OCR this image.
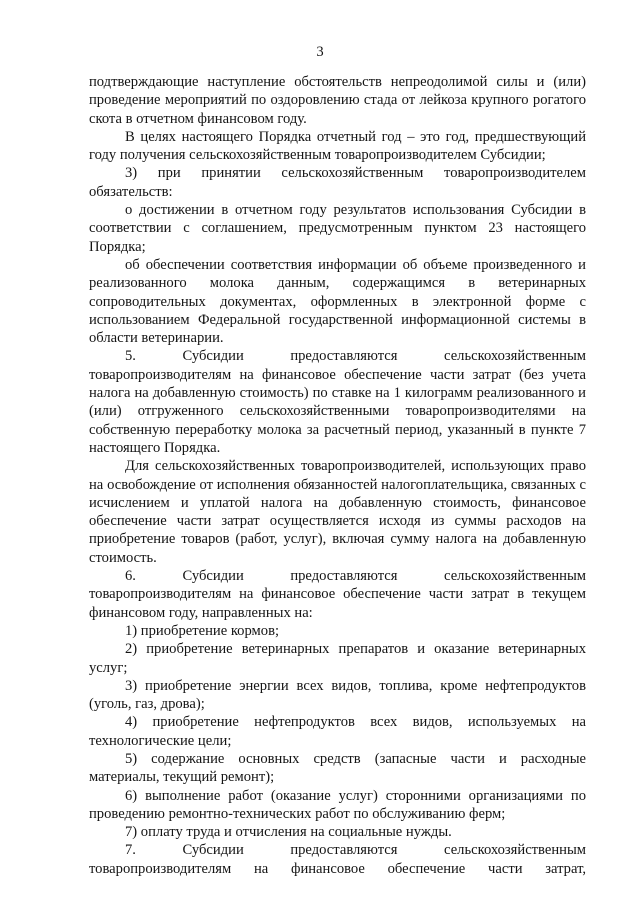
3

подтверждающие наступление обстоятельств непреодолимой силы и (или) проведение мероприятий по оздоровлению стада от лейкоза крупного рогатого скота в отчетном финансовом году.

В целях настоящего Порядка отчетный год – это год, предшествующий году получения сельскохозяйственным товаропроизводителем Субсидии;

3) при принятии сельскохозяйственным товаропроизводителем обязательств:

о достижении в отчетном году результатов использования Субсидии в соответствии с соглашением, предусмотренным пунктом 23 настоящего Порядка;

об обеспечении соответствия информации об объеме произведенного и реализованного молока данным, содержащимся в ветеринарных сопроводительных документах, оформленных в электронной форме с использованием Федеральной государственной информационной системы в области ветеринарии.

5. Субсидии предоставляются сельскохозяйственным товаропроизводителям на финансовое обеспечение части затрат (без учета налога на добавленную стоимость) по ставке на 1 килограмм реализованного и (или) отгруженного сельскохозяйственными товаропроизводителями на собственную переработку молока за расчетный период, указанный в пункте 7 настоящего Порядка.

Для сельскохозяйственных товаропроизводителей, использующих право на освобождение от исполнения обязанностей налогоплательщика, связанных с исчислением и уплатой налога на добавленную стоимость, финансовое обеспечение части затрат осуществляется исходя из суммы расходов на приобретение товаров (работ, услуг), включая сумму налога на добавленную стоимость.

6. Субсидии предоставляются сельскохозяйственным товаропроизводителям на финансовое обеспечение части затрат в текущем финансовом году, направленных на:

1) приобретение кормов;

2) приобретение ветеринарных препаратов и оказание ветеринарных услуг;

3) приобретение энергии всех видов, топлива, кроме нефтепродуктов (уголь, газ, дрова);

4) приобретение нефтепродуктов всех видов, используемых на технологические цели;

5) содержание основных средств (запасные части и расходные материалы, текущий ремонт);

6) выполнение работ (оказание услуг) сторонними организациями по проведению ремонтно-технических работ по обслуживанию ферм;

7) оплату труда и отчисления на социальные нужды.

7. Субсидии предоставляются сельскохозяйственным товаропроизводителям на финансовое обеспечение части затрат,
